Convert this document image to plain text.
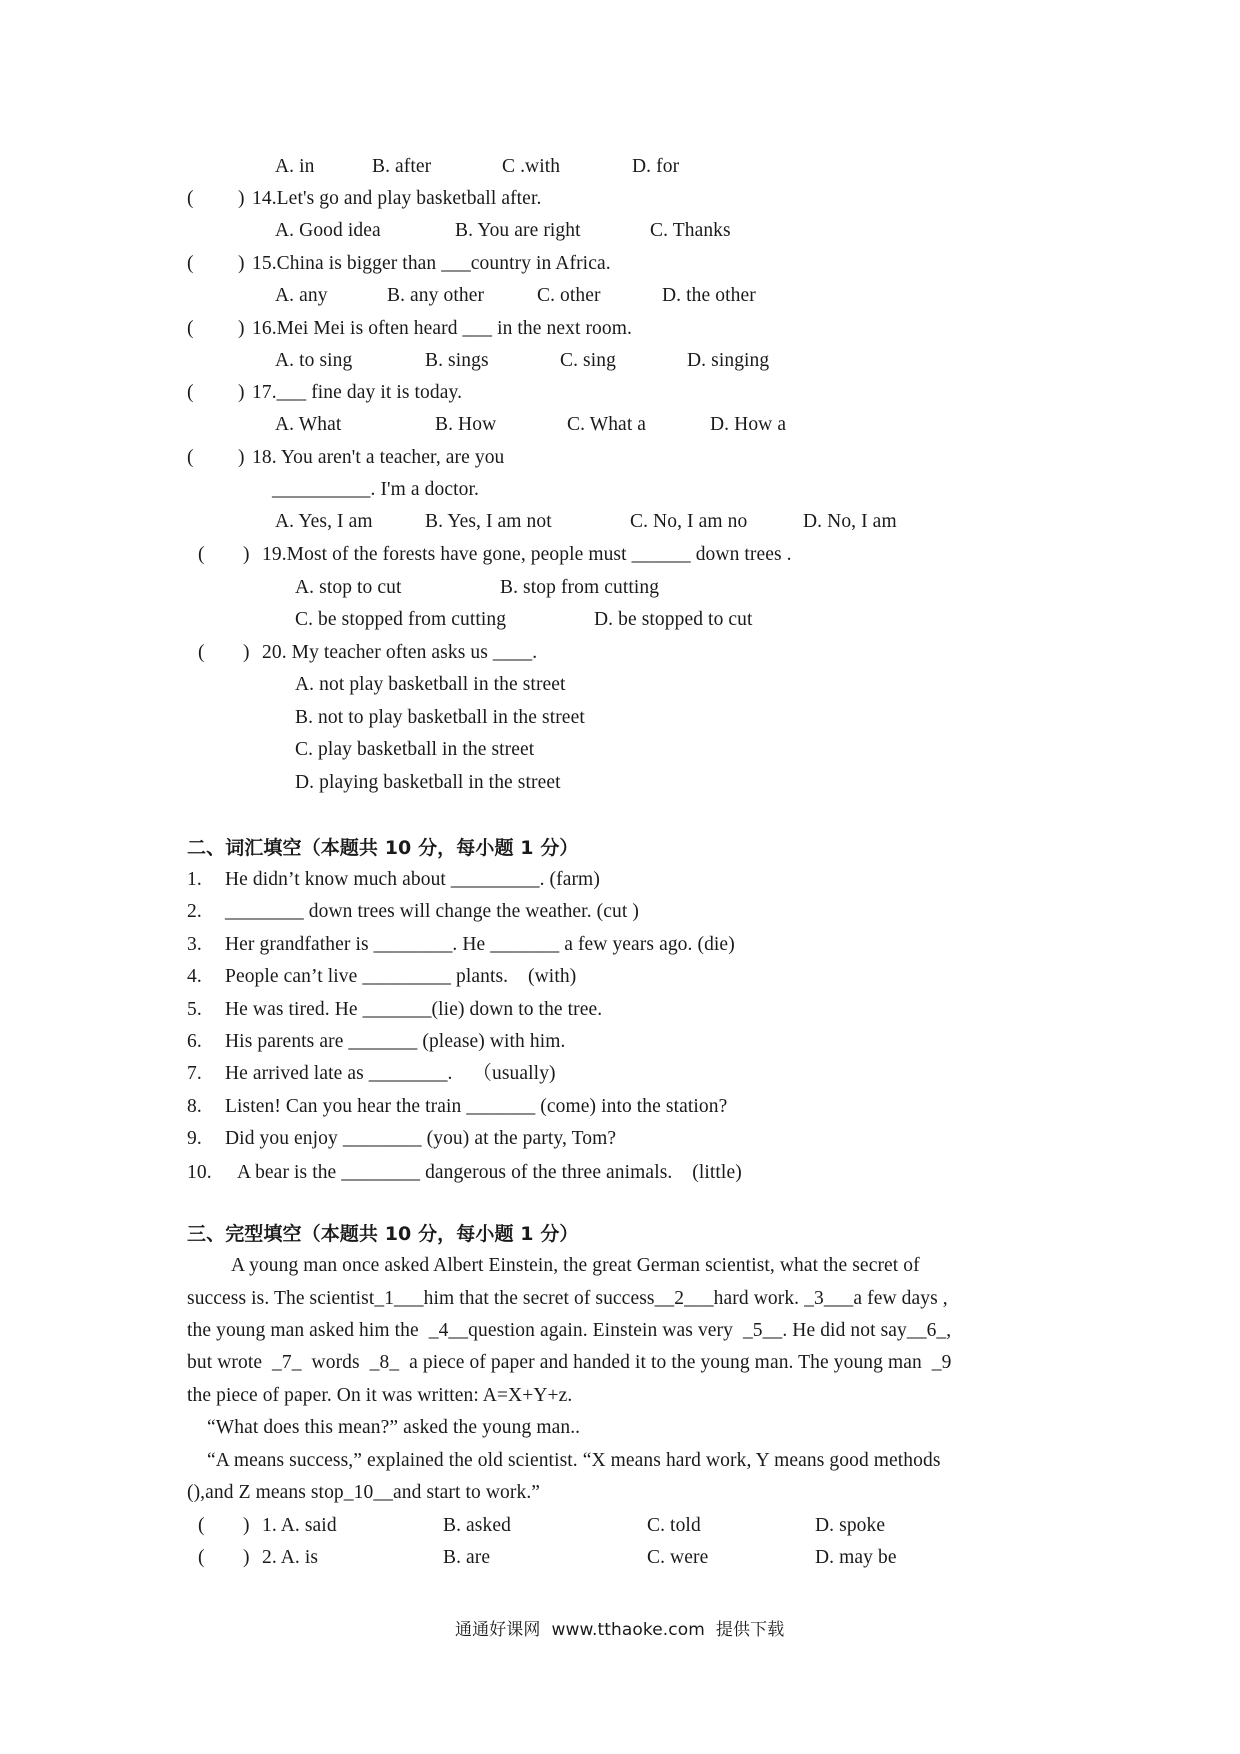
A. in	B. after	C .with	D. for
( ) 14.Let's go and play basketball after.
A. Good idea	B. You are right	C. Thanks
( ) 15.China is bigger than ___country in Africa.
A. any	B. any other	C. other	D. the other
( ) 16.Mei Mei is often heard ___ in the next room.
A. to sing	B. sings	C. sing	D. singing
( ) 17.___ fine day it is today.
A. What	B. How	C. What a	D. How a
( ) 18. You aren't a teacher, are you
__________. I'm a doctor.
A. Yes, I am	B. Yes, I am not	C. No, I am no	D. No, I am
( ) 19.Most of the forests have gone, people must ______ down trees .
A. stop to cut	B. stop from cutting
C. be stopped from cutting	D. be stopped to cut
( ) 20. My teacher often asks us ____.
A. not play basketball in the street
B. not to play basketball in the street
C. play basketball in the street
D. playing basketball in the street
二、词汇填空（本题共 10 分，每小题 1 分）
1. He didn’t know much about _________. (farm)
2. ________ down trees will change the weather. (cut )
3. Her grandfather is ________. He _______ a few years ago. (die)
4. People can’t live _________ plants.    (with)
5. He was tired. He _______(lie) down to the tree.
6. His parents are _______ (please) with him.
7. He arrived late as ________.    （usually)
8. Listen! Can you hear the train _______ (come) into the station?
9. Did you enjoy ________ (you) at the party, Tom?
10. A bear is the ________ dangerous of the three animals.    (little)
三、完型填空（本题共 10 分，每小题 1 分）
A young man once asked Albert Einstein, the great German scientist, what the secret of
success is. The scientist_1___him that the secret of success__2___hard work. _3___a few days ,
the young man asked him the  _4__question again. Einstein was very  _5__. He did not say__6_,
but wrote  _7_  words  _8_  a piece of paper and handed it to the young man. The young man  _9
the piece of paper. On it was written: A=X+Y+z.
“What does this mean?” asked the young man..
“A means success,” explained the old scientist. “X means hard work, Y means good methods
(),and Z means stop_10__and start to work.”
( ) 1. A. said	B. asked	C. told	D. spoke
( ) 2. A. is	B. are	C. were	D. may be
通通好课网  www.tthaoke.com  提供下载
